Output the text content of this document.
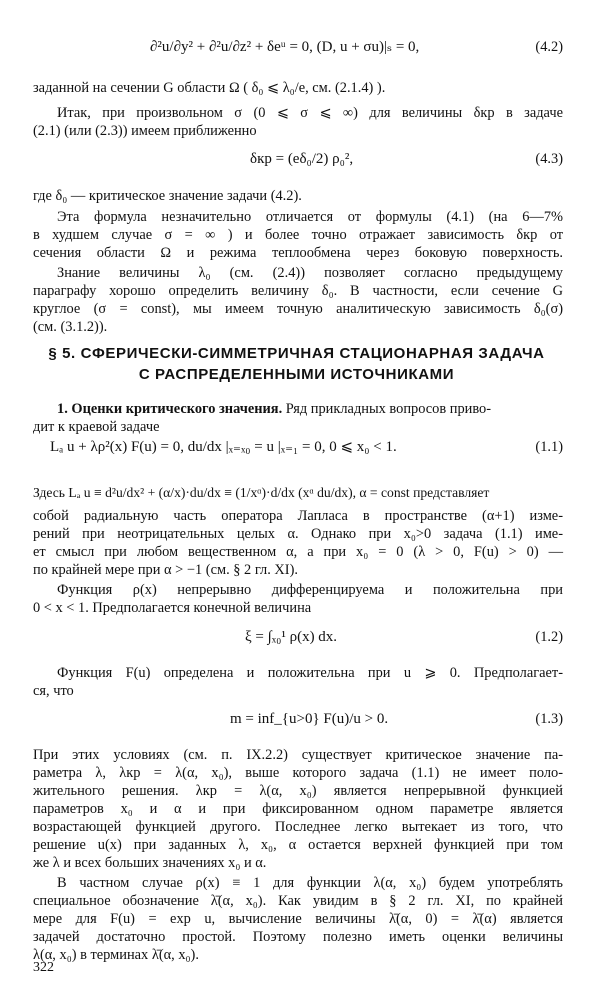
∂²u/∂y² + ∂²u/∂z² + δeᵘ = 0, (D, u + σu)|ₛ = 0,	(4.2)
заданной на сечении G области Ω ( δ₀ ⩽ λ₀/e, см. (2.1.4) ).
Итак, при произвольном σ (0 ⩽ σ ⩽ ∞) для величины δкр в задаче
(2.1) (или (2.3)) имеем приближенно
δкр = (eδ₀/2) ρ₀²,	(4.3)
где δ₀ — критическое значение задачи (4.2).
Эта формула незначительно отличается от формулы (4.1) (на 6—7%
в худшем случае σ = ∞ ) и более точно отражает зависимость δкр от
сечения области Ω и режима теплообмена через боковую поверхность.
Знание величины λ₀ (см. (2.4)) позволяет согласно предыдущему
параграфу хорошо определить величину δ₀. В частности, если сечение G
круглое (σ = const), мы имеем точную аналитическую зависимость δ₀(σ)
(см. (3.1.2)).
§ 5. СФЕРИЧЕСКИ-СИММЕТРИЧНАЯ СТАЦИОНАРНАЯ ЗАДАЧА
С РАСПРЕДЕЛЕННЫМИ ИСТОЧНИКАМИ
1. Оценки критического значения. Ряд прикладных вопросов приво-
дит к краевой задаче
Lₐ u + λρ²(x) F(u) = 0, du/dx |ₓ₌ₓ₀ = u |ₓ₌₁ = 0, 0 ⩽ x₀ < 1.	(1.1)
Здесь Lₐ u ≡ d²u/dx² + (α/x)·du/dx ≡ (1/xᵅ)·d/dx (xᵅ du/dx), α = const представляет
собой радиальную часть оператора Лапласа в пространстве (α+1) изме-
рений при неотрицательных целых α. Однако при x₀>0 задача (1.1) име-
ет смысл при любом вещественном α, а при x₀ = 0 (λ > 0, F(u) > 0) —
по крайней мере при α > −1 (см. § 2 гл. XI).
Функция ρ(x) непрерывно дифференцируема и положительна при
0 < x < 1. Предполагается конечной величина
ξ = ∫ₓ₀¹ ρ(x) dx.	(1.2)
Функция F(u) определена и положительна при u ⩾ 0. Предполагает-
ся, что
m = inf_{u>0} F(u)/u > 0.	(1.3)
При этих условиях (см. п. IX.2.2) существует критическое значение па-
раметра λ, λкр = λ(α, x₀), выше которого задача (1.1) не имеет поло-
жительного решения. λкр = λ(α, x₀) является непрерывной функцией
параметров x₀ и α и при фиксированном одном параметре является
возрастающей функцией другого. Последнее легко вытекает из того, что
решение u(x) при заданных λ, x₀, α остается верхней функцией при том
же λ и всех больших значениях x₀ и α.
В частном случае ρ(x) ≡ 1 для функции λ(α, x₀) будем употреблять
специальное обозначение λ̄(α, x₀). Как увидим в § 2 гл. XI, по крайней
мере для F(u) = exp u, вычисление величины λ̄(α, 0) = λ̄(α) является
задачей достаточно простой. Поэтому полезно иметь оценки величины
λ(α, x₀) в терминах λ̄(α, x₀).
322
